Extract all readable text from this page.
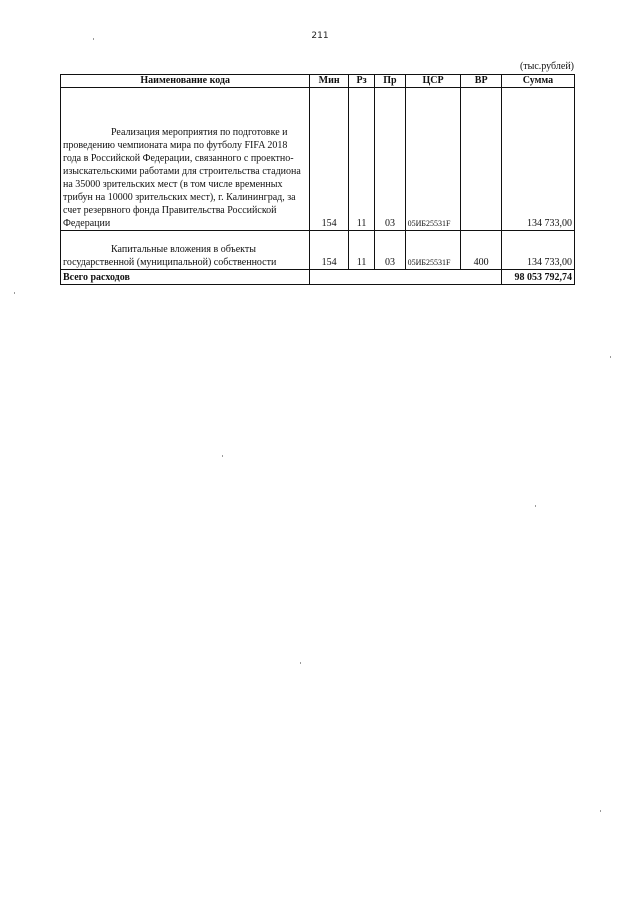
211
(тыс.рублей)
Наименование кода	Мин	Рз	Пр	ЦСР	ВР	Сумма
Реализация мероприятия по подготовке и проведению чемпионата мира по футболу FIFA 2018 года в Российской Федерации, связанного с проектно-изыскательскими работами для строительства стадиона на 35000 зрительских мест (в том числе временных трибун на 10000 зрительских мест), г. Калининград, за счет резервного фонда Правительства Российской Федерации	154	11	03	05ИБ25531F		134 733,00
Капитальные вложения в объекты государственной (муниципальной) собственности	154	11	03	05ИБ25531F	400	134 733,00
Всего расходов						98 053 792,74
